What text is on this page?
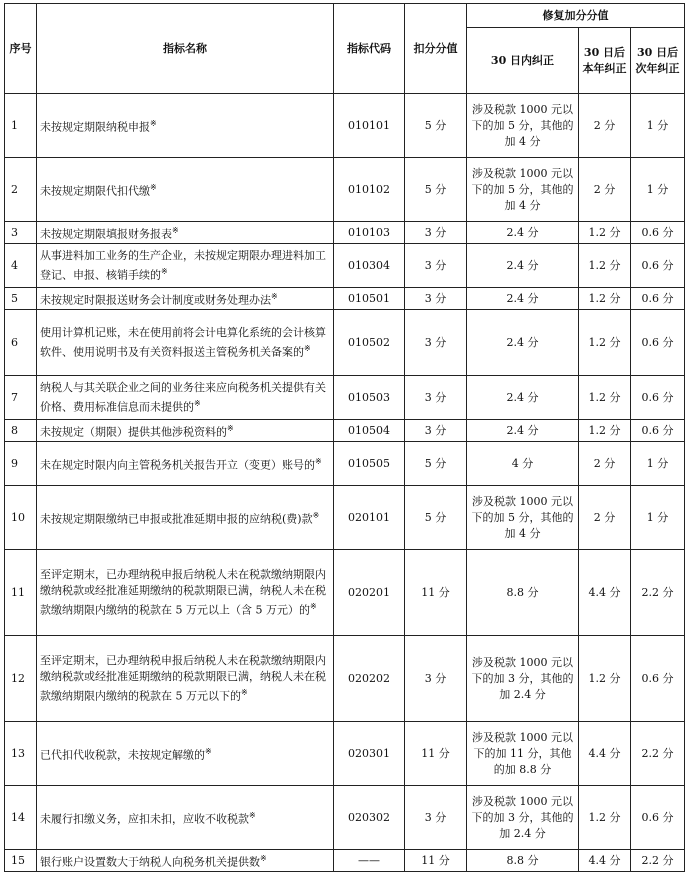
序号	指标名称	指标代码	扣分分值	修复加分分值		
				30 日内纠正	30 日后本年纠正	30 日后次年纠正
1	未按规定期限纳税申报※	010101	5 分	涉及税款 1000 元以下的加 5 分，其他的加 4 分	2 分	1 分
2	未按规定期限代扣代缴※	010102	5 分	涉及税款 1000 元以下的加 5 分，其他的加 4 分	2 分	1 分
3	未按规定期限填报财务报表※	010103	3 分	2.4 分	1.2 分	0.6 分
4	从事进料加工业务的生产企业，未按规定期限办理进料加工登记、申报、核销手续的※	010304	3 分	2.4 分	1.2 分	0.6 分
5	未按规定时限报送财务会计制度或财务处理办法※	010501	3 分	2.4 分	1.2 分	0.6 分
6	使用计算机记账，未在使用前将会计电算化系统的会计核算软件、使用说明书及有关资料报送主管税务机关备案的※	010502	3 分	2.4 分	1.2 分	0.6 分
7	纳税人与其关联企业之间的业务往来应向税务机关提供有关价格、费用标准信息而未提供的※	010503	3 分	2.4 分	1.2 分	0.6 分
8	未按规定（期限）提供其他涉税资料的※	010504	3 分	2.4 分	1.2 分	0.6 分
9	未在规定时限内向主管税务机关报告开立（变更）账号的※	010505	5 分	4 分	2 分	1 分
10	未按规定期限缴纳已申报或批准延期申报的应纳税(费)款※	020101	5 分	涉及税款 1000 元以下的加 5 分，其他的加 4 分	2 分	1 分
11	至评定期末，已办理纳税申报后纳税人未在税款缴纳期限内缴纳税款或经批准延期缴纳的税款期限已满，纳税人未在税款缴纳期限内缴纳的税款在 5 万元以上（含 5 万元）的※	020201	11 分	8.8 分	4.4 分	2.2 分
12	至评定期末，已办理纳税申报后纳税人未在税款缴纳期限内缴纳税款或经批准延期缴纳的税款期限已满，纳税人未在税款缴纳期限内缴纳的税款在 5 万元以下的※	020202	3 分	涉及税款 1000 元以下的加 3 分，其他的加 2.4 分	1.2 分	0.6 分
13	已代扣代收税款，未按规定解缴的※	020301	11 分	涉及税款 1000 元以下的加 11 分，其他的加 8.8 分	4.4 分	2.2 分
14	未履行扣缴义务，应扣未扣，应收不收税款※	020302	3 分	涉及税款 1000 元以下的加 3 分，其他的加 2.4 分	1.2 分	0.6 分
15	银行账户设置数大于纳税人向税务机关提供数※	——	11 分	8.8 分	4.4 分	2.2 分
